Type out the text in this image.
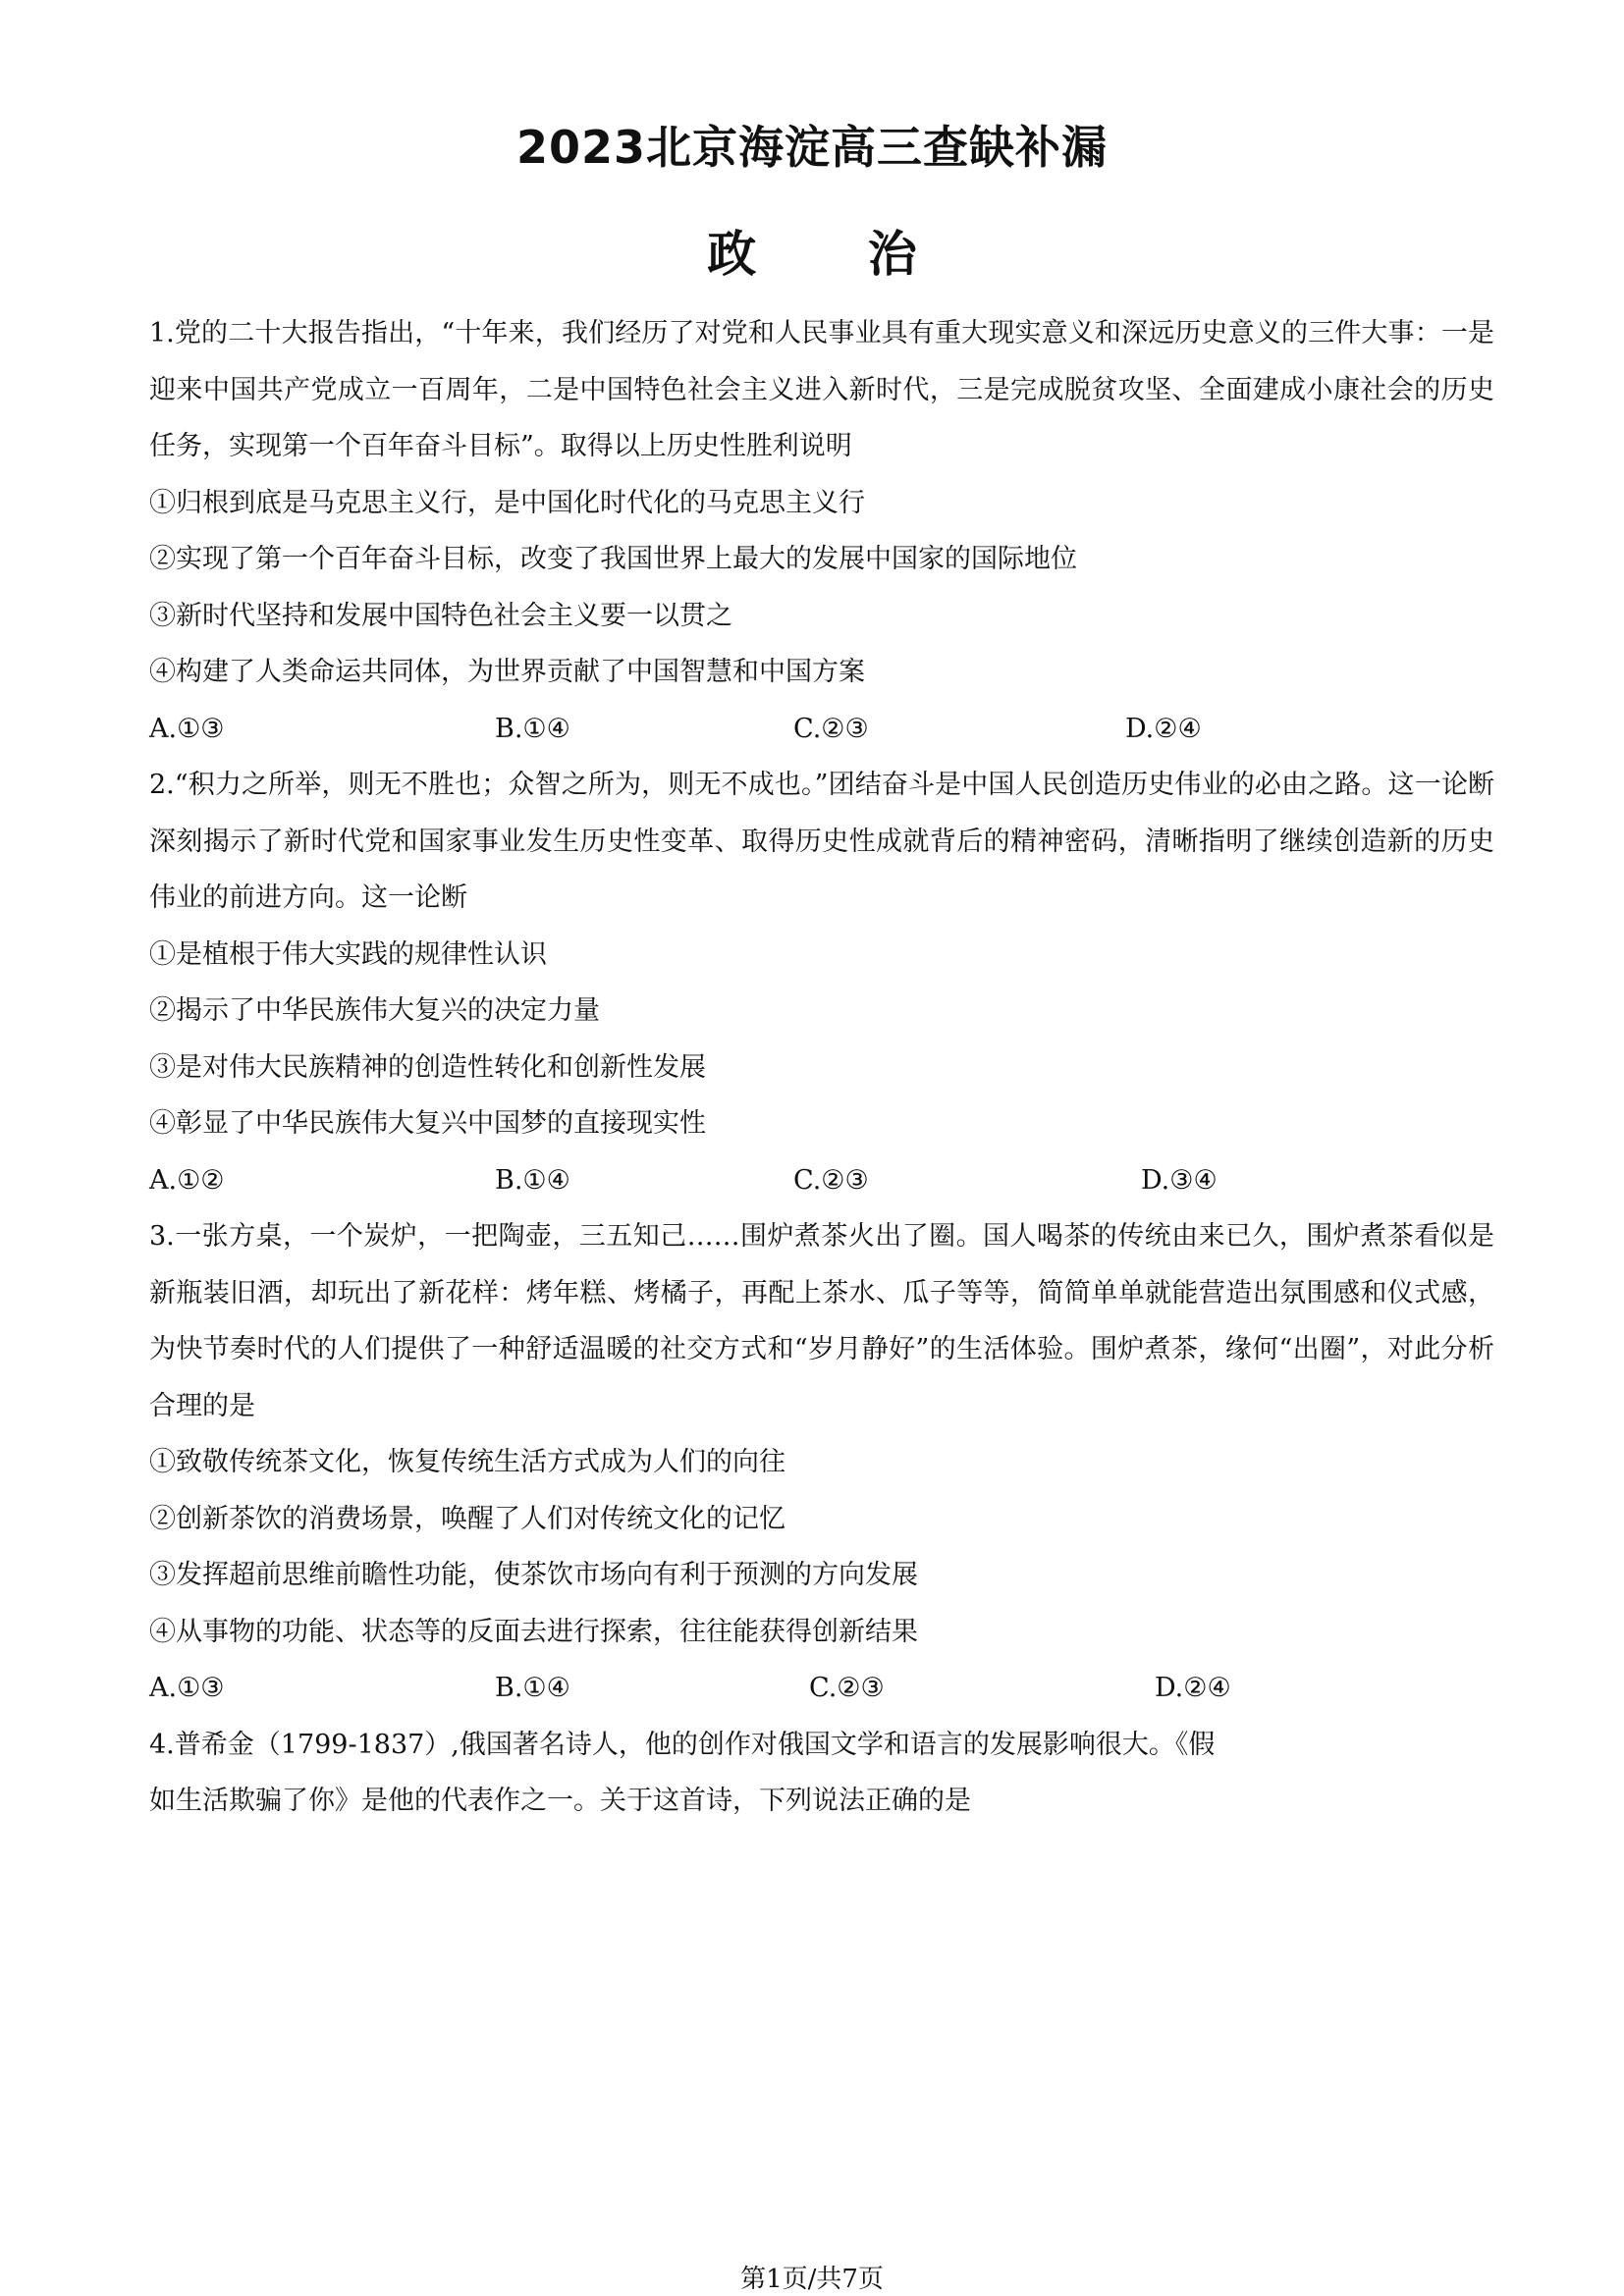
2023北京海淀高三查缺补漏
政 治

1.党的二十大报告指出，“十年来，我们经历了对党和人民事业具有重大现实意义和深远历史意义的三件大事：一是迎来中国共产党成立一百周年，二是中国特色社会主义进入新时代，三是完成脱贫攻坚、全面建成小康社会的历史任务，实现第一个百年奋斗目标”。取得以上历史性胜利说明

①归根到底是马克思主义行，是中国化时代化的马克思主义行

②实现了第一个百年奋斗目标，改变了我国世界上最大的发展中国家的国际地位

③新时代坚持和发展中国特色社会主义要一以贯之

④构建了人类命运共同体，为世界贡献了中国智慧和中国方案

A.①③	B.①④	C.②③	D.②④

2.“积力之所举，则无不胜也；众智之所为，则无不成也。”团结奋斗是中国人民创造历史伟业的必由之路。这一论断深刻揭示了新时代党和国家事业发生历史性变革、取得历史性成就背后的精神密码，清晰指明了继续创造新的历史伟业的前进方向。这一论断

①是植根于伟大实践的规律性认识

②揭示了中华民族伟大复兴的决定力量

③是对伟大民族精神的创造性转化和创新性发展

④彰显了中华民族伟大复兴中国梦的直接现实性

A.①②	B.①④	C.②③	D.③④

3.一张方桌，一个炭炉，一把陶壶，三五知己……围炉煮茶火出了圈。国人喝茶的传统由来已久，围炉煮茶看似是新瓶装旧酒，却玩出了新花样：烤年糕、烤橘子，再配上茶水、瓜子等等，简简单单就能营造出氛围感和仪式感，为快节奏时代的人们提供了一种舒适温暖的社交方式和“岁月静好”的生活体验。围炉煮茶，缘何“出圈”，对此分析合理的是

①致敬传统茶文化，恢复传统生活方式成为人们的向往

②创新茶饮的消费场景，唤醒了人们对传统文化的记忆

③发挥超前思维前瞻性功能，使茶饮市场向有利于预测的方向发展

④从事物的功能、状态等的反面去进行探索，往往能获得创新结果

A.①③	B.①④	C.②③	D.②④

4.普希金（1799-1837）,俄国著名诗人，他的创作对俄国文学和语言的发展影响很大。《假

如生活欺骗了你》是他的代表作之一。关于这首诗，下列说法正确的是

第1页/共7页
